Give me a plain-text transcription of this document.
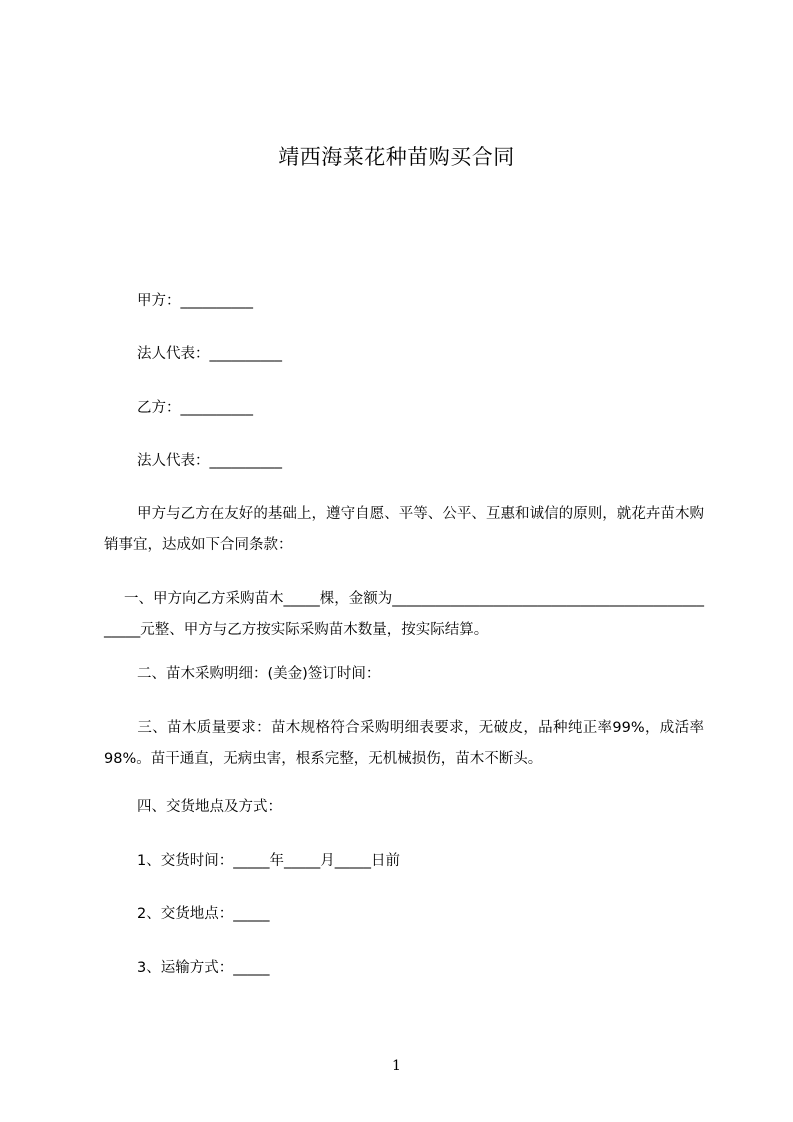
靖西海菜花种苗购买合同
甲方：__________
法人代表：__________
乙方：__________
法人代表：__________
甲方与乙方在友好的基础上，遵守自愿、平等、公平、互惠和诚信的原则，就花卉苗木购销事宜，达成如下合同条款：
一、甲方向乙方采购苗木_____棵，金额为________________________________________________元整、甲方与乙方按实际采购苗木数量，按实际结算。
二、苗木采购明细：(美金)签订时间：
三、苗木质量要求：苗木规格符合采购明细表要求，无破皮，品种纯正率99%，成活率98%。苗干通直，无病虫害，根系完整，无机械损伤，苗木不断头。
四、交货地点及方式：
1、交货时间：_____年_____月_____日前
2、交货地点：_____
3、运输方式：_____
1
